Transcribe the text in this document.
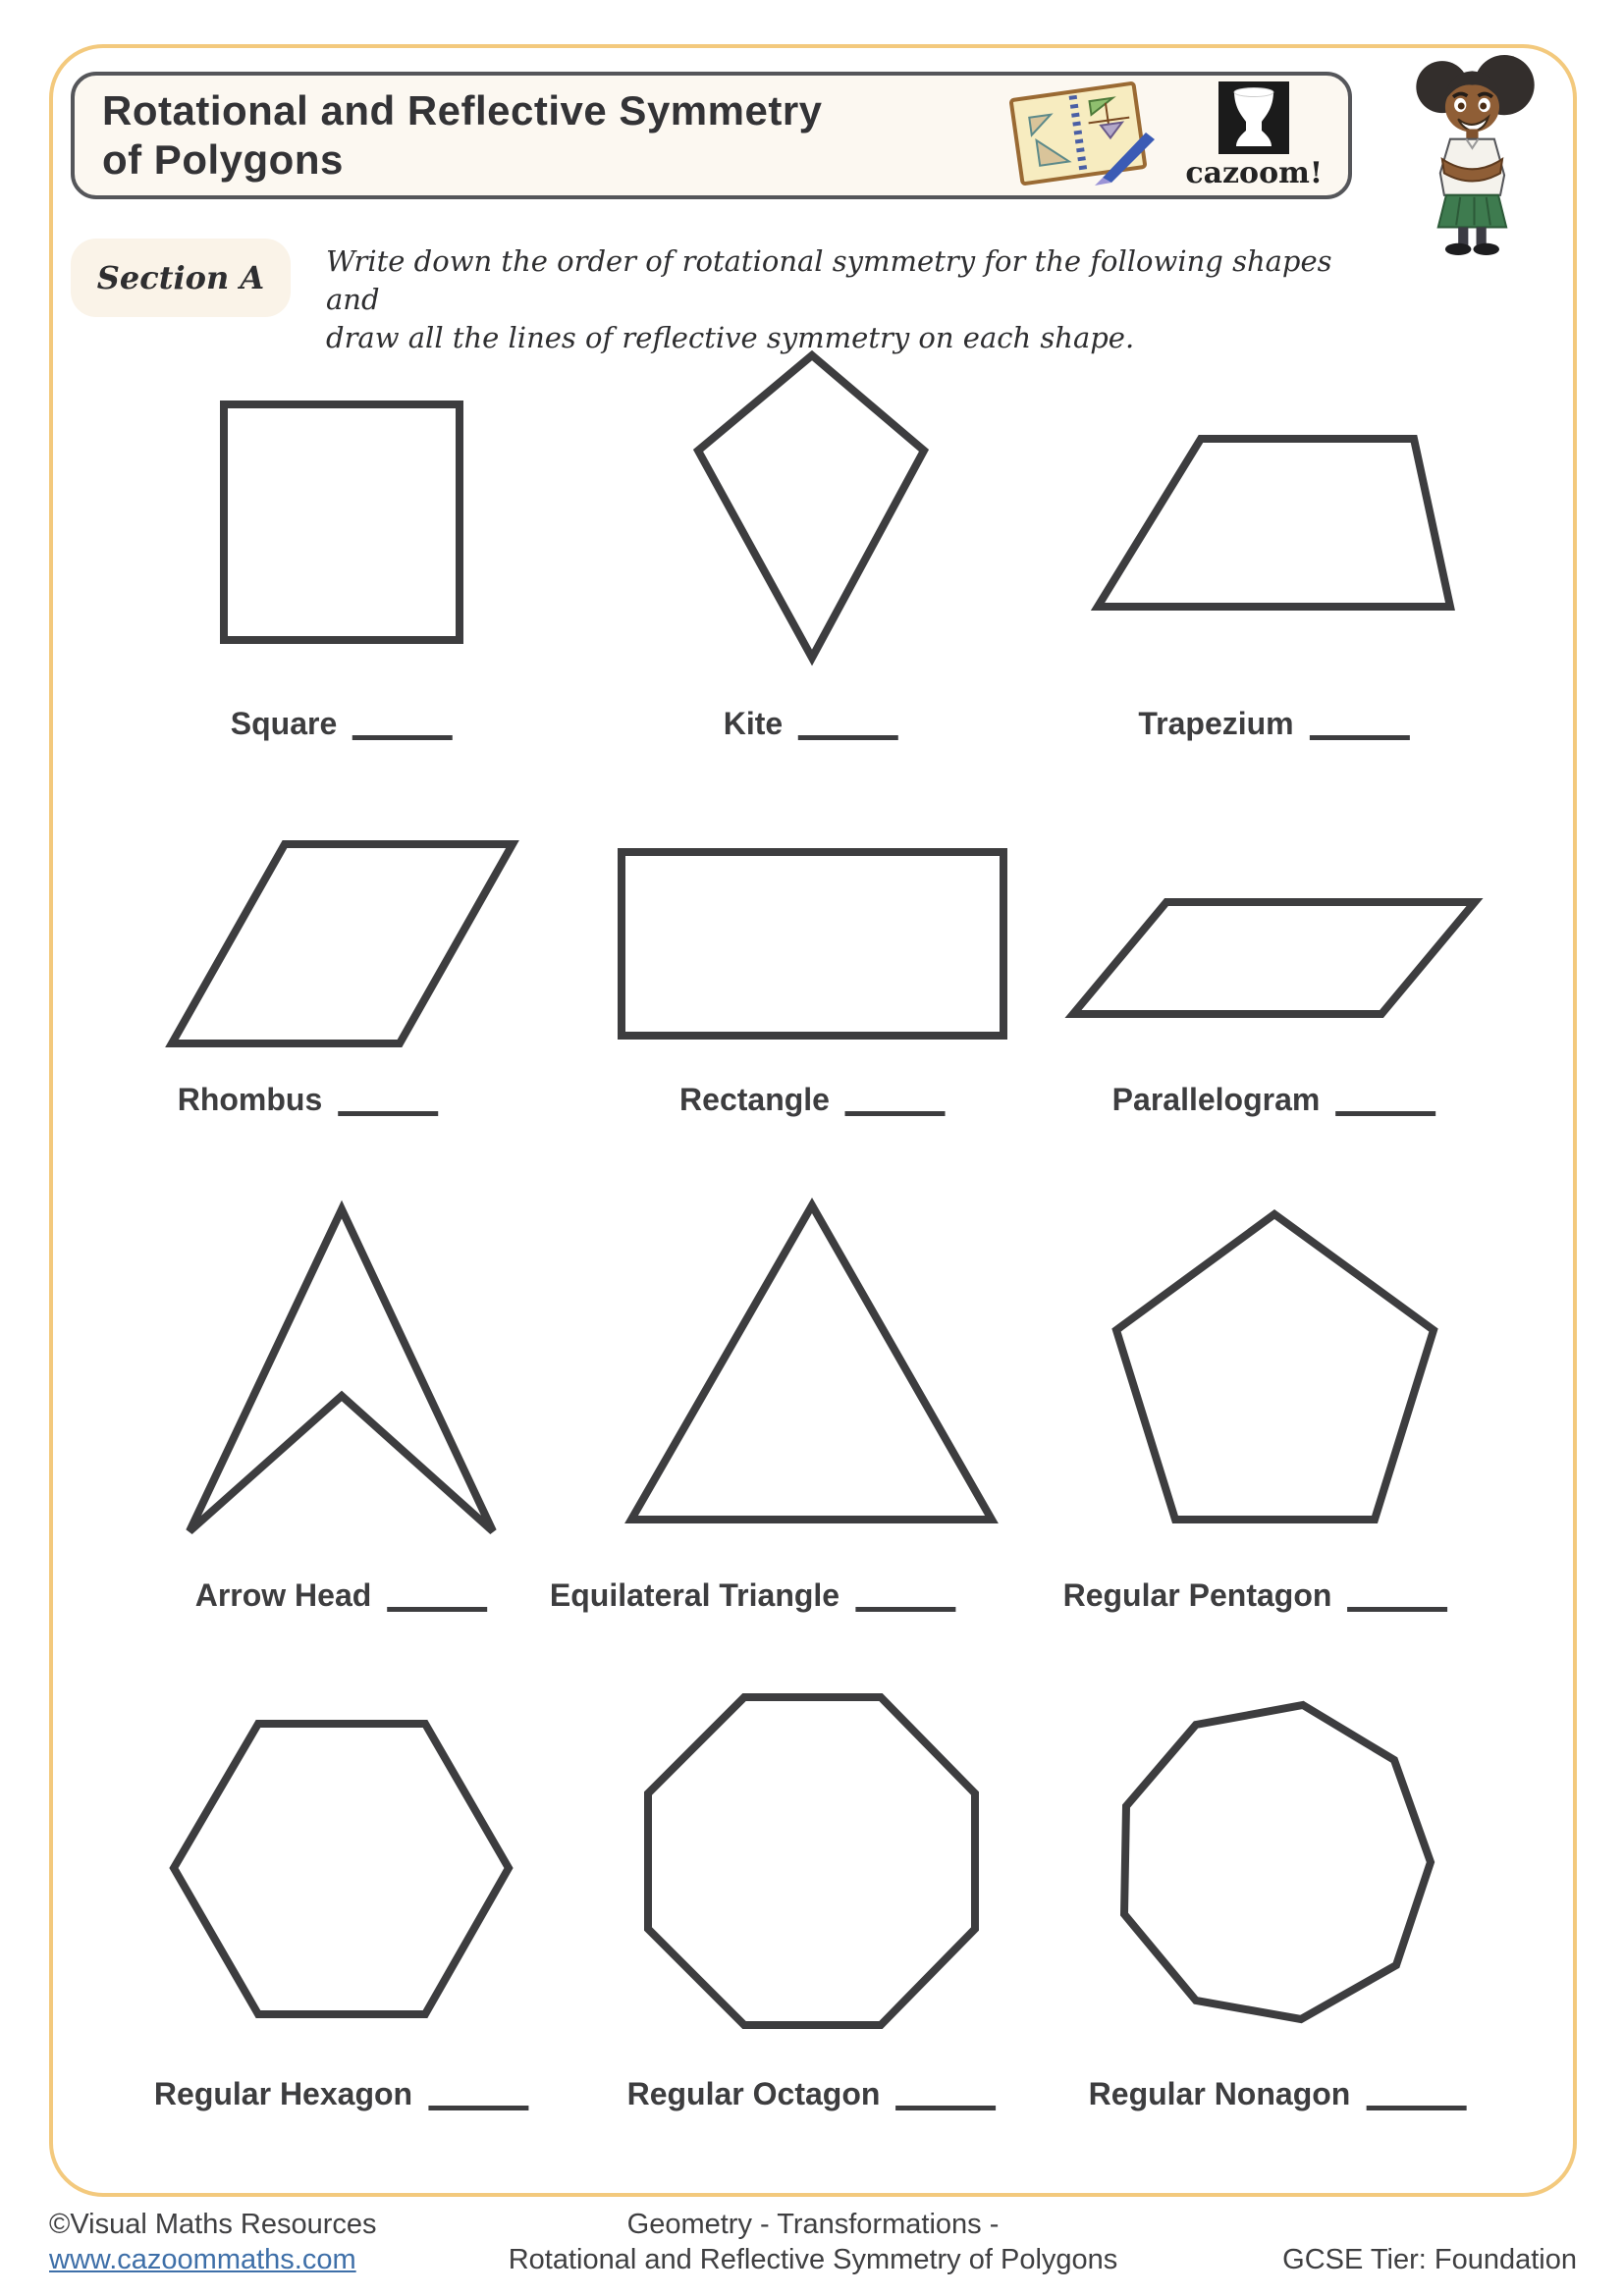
Rotational and Reflective Symmetry
of Polygons	cazoom!
Section A Write down the order of rotational symmetry for the following shapes and
draw all the lines of reflective symmetry on each shape.
Square	Kite	Trapezium
Rhombus	Rectangle	Parallelogram
Arrow Head	Equilateral Triangle	Regular Pentagon
Regular Hexagon	Regular Octagon	Regular Nonagon
©Visual Maths Resources
www.cazoommaths.com
Geometry - Transformations -
Rotational and Reflective Symmetry of Polygons	GCSE Tier: Foundation
